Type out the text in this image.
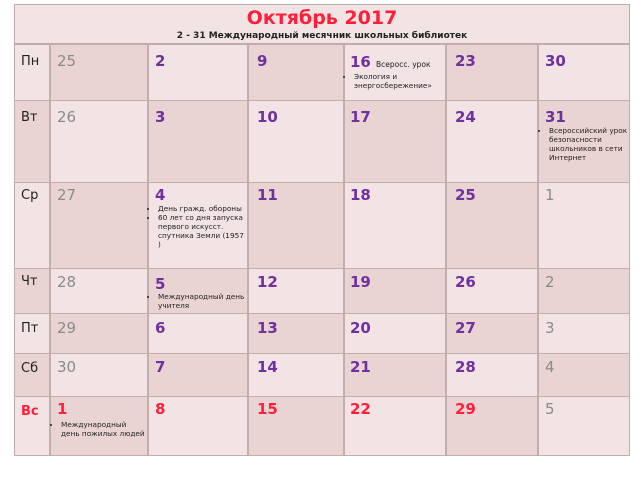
Октябрь 2017
2 - 31 Международный месячник школьных библиотек
Пн
Вт
Ср
Чт
Пт
Сб
Вс
25
26
27
28
29
30
1
• Международный день пожилых людей
2
3
4
• День гражд. обороны
• 60 лет со дня запуска первого искусст. спутника Земли (1957 )
5
• Международный день учителя
6
7
8
9
10
11
12
13
14
15
16 Всеросс. урок
• Экология и энергосбережение»
17
18
19
20
21
22
23
24
25
26
27
28
29
30
31
• Всероссийский урок безопасности школьников в сети Интернет
1
2
3
4
5
